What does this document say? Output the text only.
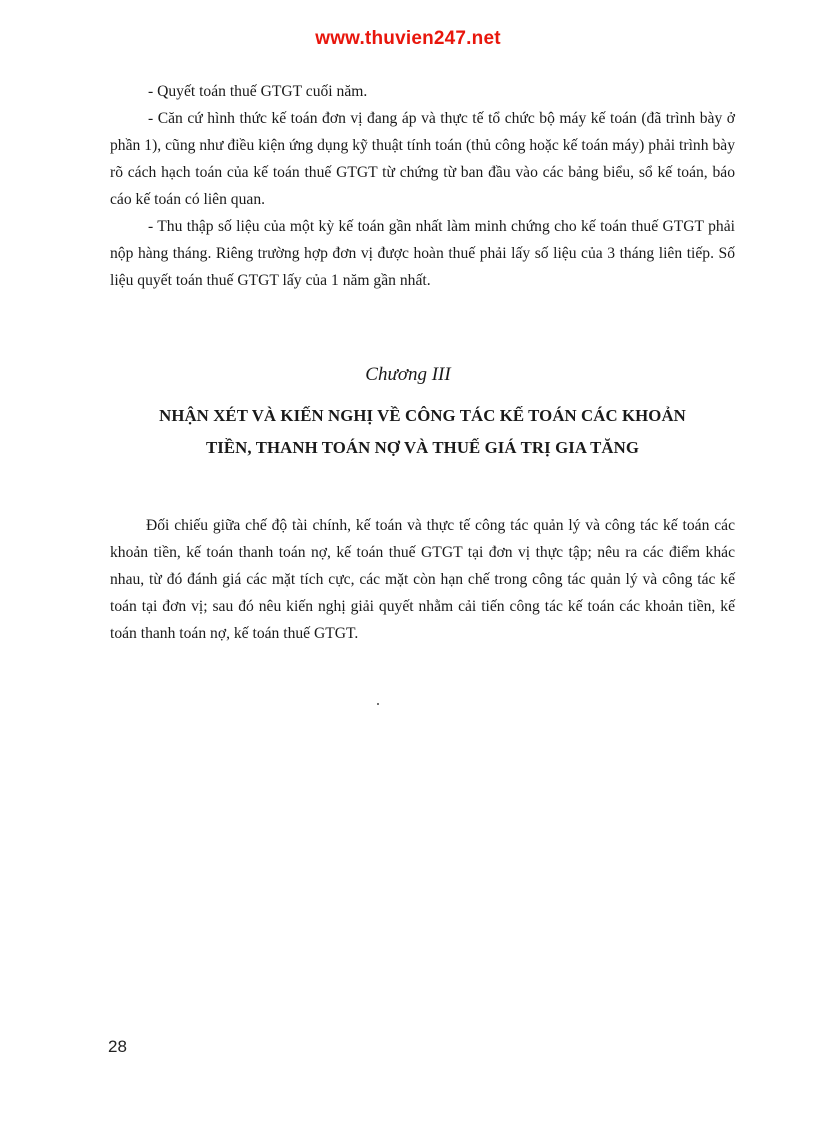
www.thuvien247.net

- Quyết toán thuế GTGT cuối năm.

- Căn cứ hình thức kế toán đơn vị đang áp và thực tế tổ chức bộ máy kế toán (đã trình bày ở phần 1), cũng như điều kiện ứng dụng kỹ thuật tính toán (thủ công hoặc kế toán máy) phải trình bày rõ cách hạch toán của kế toán thuế GTGT từ chứng từ ban đầu vào các bảng biểu, sổ kế toán, báo cáo kế toán có liên quan.

- Thu thập số liệu của một kỳ kế toán gần nhất làm minh chứng cho kế toán thuế GTGT phải nộp hàng tháng. Riêng trường hợp đơn vị được hoàn thuế phải lấy số liệu của 3 tháng liên tiếp. Số liệu quyết toán thuế GTGT lấy của 1 năm gần nhất.

Chương III
NHẬN XÉT VÀ KIẾN NGHỊ VỀ CÔNG TÁC KẾ TOÁN CÁC KHOẢN
TIỀN, THANH TOÁN NỢ VÀ THUẾ GIÁ TRỊ GIA TĂNG

Đối chiếu giữa chế độ tài chính, kế toán và thực tế công tác quản lý và công tác kế toán các khoản tiền, kế toán thanh toán nợ, kế toán thuế GTGT tại đơn vị thực tập; nêu ra các điểm khác nhau, từ đó đánh giá các mặt tích cực, các mặt còn hạn chế trong công tác quản lý và công tác kế toán tại đơn vị; sau đó nêu kiến nghị giải quyết nhằm cải tiến công tác kế toán các khoản tiền, kế toán thanh toán nợ, kế toán thuế GTGT.

28
